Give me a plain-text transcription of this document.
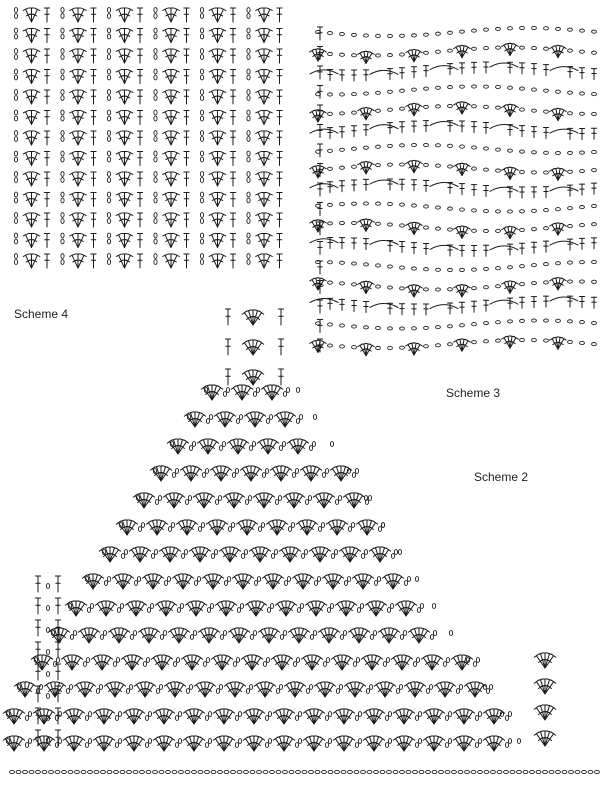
Scheme 4
Scheme 3
Scheme 2
